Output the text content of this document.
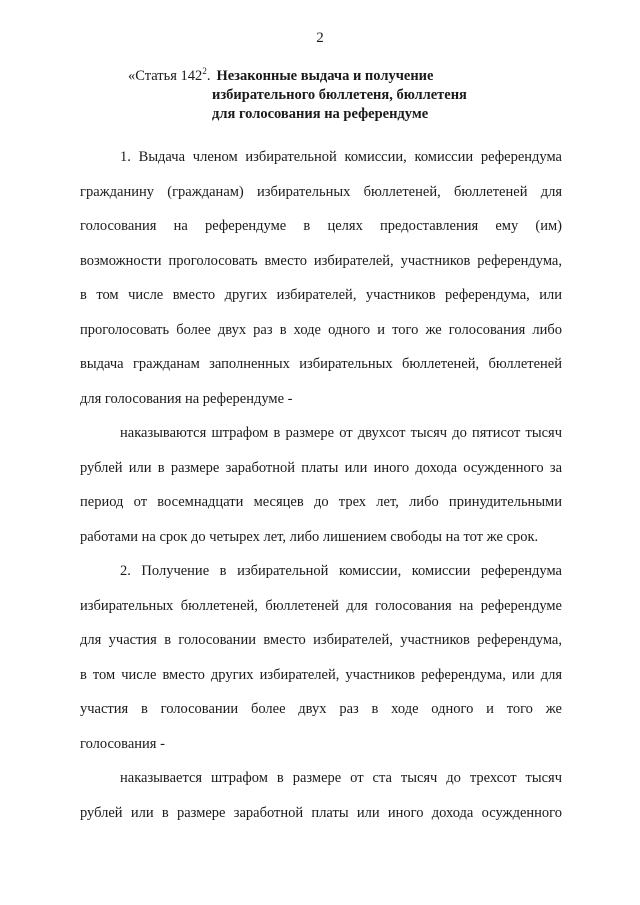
2
«Статья $142^2$. Незаконные выдача и получение
избирательного бюллетеня, бюллетеня
для голосования на референдуме
1. Выдача членом избирательной комиссии, комиссии референдума
гражданину (гражданам) избирательных бюллетеней, бюллетеней для
голосования на референдуме в целях предоставления ему (им)
возможности проголосовать вместо избирателей, участников референдума,
в том числе вместо других избирателей, участников референдума, или
проголосовать более двух раз в ходе одного и того же голосования либо
выдача гражданам заполненных избирательных бюллетеней, бюллетеней
для голосования на референдуме -
наказываются штрафом в размере от двухсот тысяч до пятисот тысяч
рублей или в размере заработной платы или иного дохода осужденного за
период от восемнадцати месяцев до трех лет, либо принудительными
работами на срок до четырех лет, либо лишением свободы на тот же срок.
2. Получение в избирательной комиссии, комиссии референдума
избирательных бюллетеней, бюллетеней для голосования на референдуме
для участия в голосовании вместо избирателей, участников референдума,
в том числе вместо других избирателей, участников референдума, или для
участия в голосовании более двух раз в ходе одного и того же
голосования -
наказывается штрафом в размере от ста тысяч до трехсот тысяч
рублей или в размере заработной платы или иного дохода осужденного
